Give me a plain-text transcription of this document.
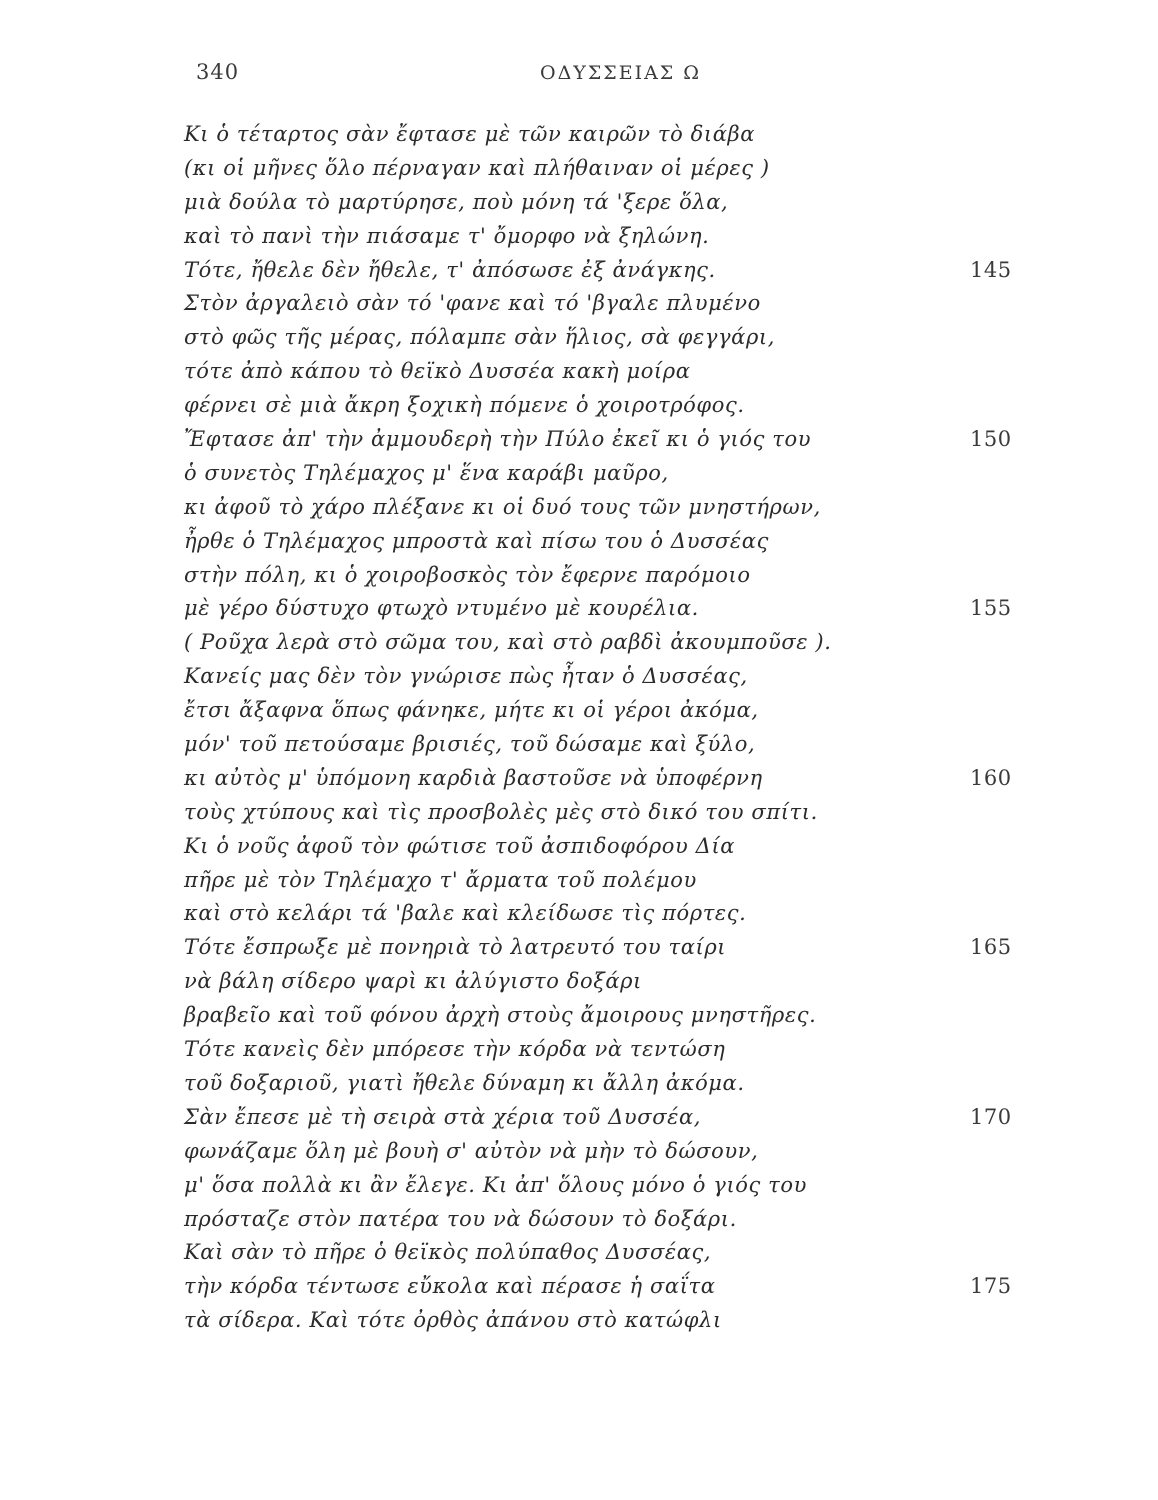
340	ΟΔΥΣΣΕΙΑΣ Ω
Κι ὁ τέταρτος σὰν ἔφτασε μὲ τῶν καιρῶν τὸ διάβα
(κι οἱ μῆνες ὅλο πέρναγαν καὶ πλήθαιναν οἱ μέρες )
μιὰ δούλα τὸ μαρτύρησε, ποὺ μόνη τά 'ξερε ὅλα,
καὶ τὸ πανὶ τὴν πιάσαμε τ' ὄμορφο νὰ ξηλώνη.
Τότε, ἤθελε δὲν ἤθελε, τ' ἀπόσωσε ἐξ ἀνάγκης.	145
Στὸν ἀργαλειὸ σὰν τό 'φανε καὶ τό 'βγαλε πλυμένο
στὸ φῶς τῆς μέρας, πόλαμπε σὰν ἥλιος, σὰ φεγγάρι,
τότε ἀπὸ κάπου τὸ θεϊκὸ Δυσσέα κακὴ μοίρα
φέρνει σὲ μιὰ ἄκρη ξοχικὴ πόμενε ὁ χοιροτρόφος.
Ἔφτασε ἀπ' τὴν ἀμμουδερὴ τὴν Πύλο ἐκεῖ κι ὁ γιός του	150
ὁ συνετὸς Τηλέμαχος μ' ἕνα καράβι μαῦρο,
κι ἀφοῦ τὸ χάρο πλέξανε κι οἱ δυό τους τῶν μνηστήρων,
ἦρθε ὁ Τηλέμαχος μπροστὰ καὶ πίσω του ὁ Δυσσέας
στὴν πόλη, κι ὁ χοιροβοσκὸς τὸν ἔφερνε παρόμοιο
μὲ γέρο δύστυχο φτωχὸ ντυμένο μὲ κουρέλια.	155
( Ροῦχα λερὰ στὸ σῶμα του, καὶ στὸ ραβδὶ ἀκουμποῦσε ).
Κανείς μας δὲν τὸν γνώρισε πὼς ἦταν ὁ Δυσσέας,
ἔτσι ἄξαφνα ὅπως φάνηκε, μήτε κι οἱ γέροι ἀκόμα,
μόν' τοῦ πετούσαμε βρισιές, τοῦ δώσαμε καὶ ξύλο,
κι αὐτὸς μ' ὑπόμονη καρδιὰ βαστοῦσε νὰ ὑποφέρνη	160
τοὺς χτύπους καὶ τὶς προσβολὲς μὲς στὸ δικό του σπίτι.
Κι ὁ νοῦς ἀφοῦ τὸν φώτισε τοῦ ἀσπιδοφόρου Δία
πῆρε μὲ τὸν Τηλέμαχο τ' ἄρματα τοῦ πολέμου
καὶ στὸ κελάρι τά 'βαλε καὶ κλείδωσε τὶς πόρτες.
Τότε ἔσπρωξε μὲ πονηριὰ τὸ λατρευτό του ταίρι	165
νὰ βάλη σίδερο ψαρὶ κι ἀλύγιστο δοξάρι
βραβεῖο καὶ τοῦ φόνου ἀρχὴ στοὺς ἄμοιρους μνηστῆρες.
Τότε κανεὶς δὲν μπόρεσε τὴν κόρδα νὰ τεντώση
τοῦ δοξαριοῦ, γιατὶ ἤθελε δύναμη κι ἄλλη ἀκόμα.
Σὰν ἔπεσε μὲ τὴ σειρὰ στὰ χέρια τοῦ Δυσσέα,	170
φωνάζαμε ὅλη μὲ βουὴ σ' αὐτὸν νὰ μὴν τὸ δώσουν,
μ' ὅσα πολλὰ κι ἂν ἔλεγε. Κι ἀπ' ὅλους μόνο ὁ γιός του
πρόσταζε στὸν πατέρα του νὰ δώσουν τὸ δοξάρι.
Καὶ σὰν τὸ πῆρε ὁ θεϊκὸς πολύπαθος Δυσσέας,
τὴν κόρδα τέντωσε εὔκολα καὶ πέρασε ἡ σαΐτα	175
τὰ σίδερα. Καὶ τότε ὀρθὸς ἀπάνου στὸ κατώφλι
